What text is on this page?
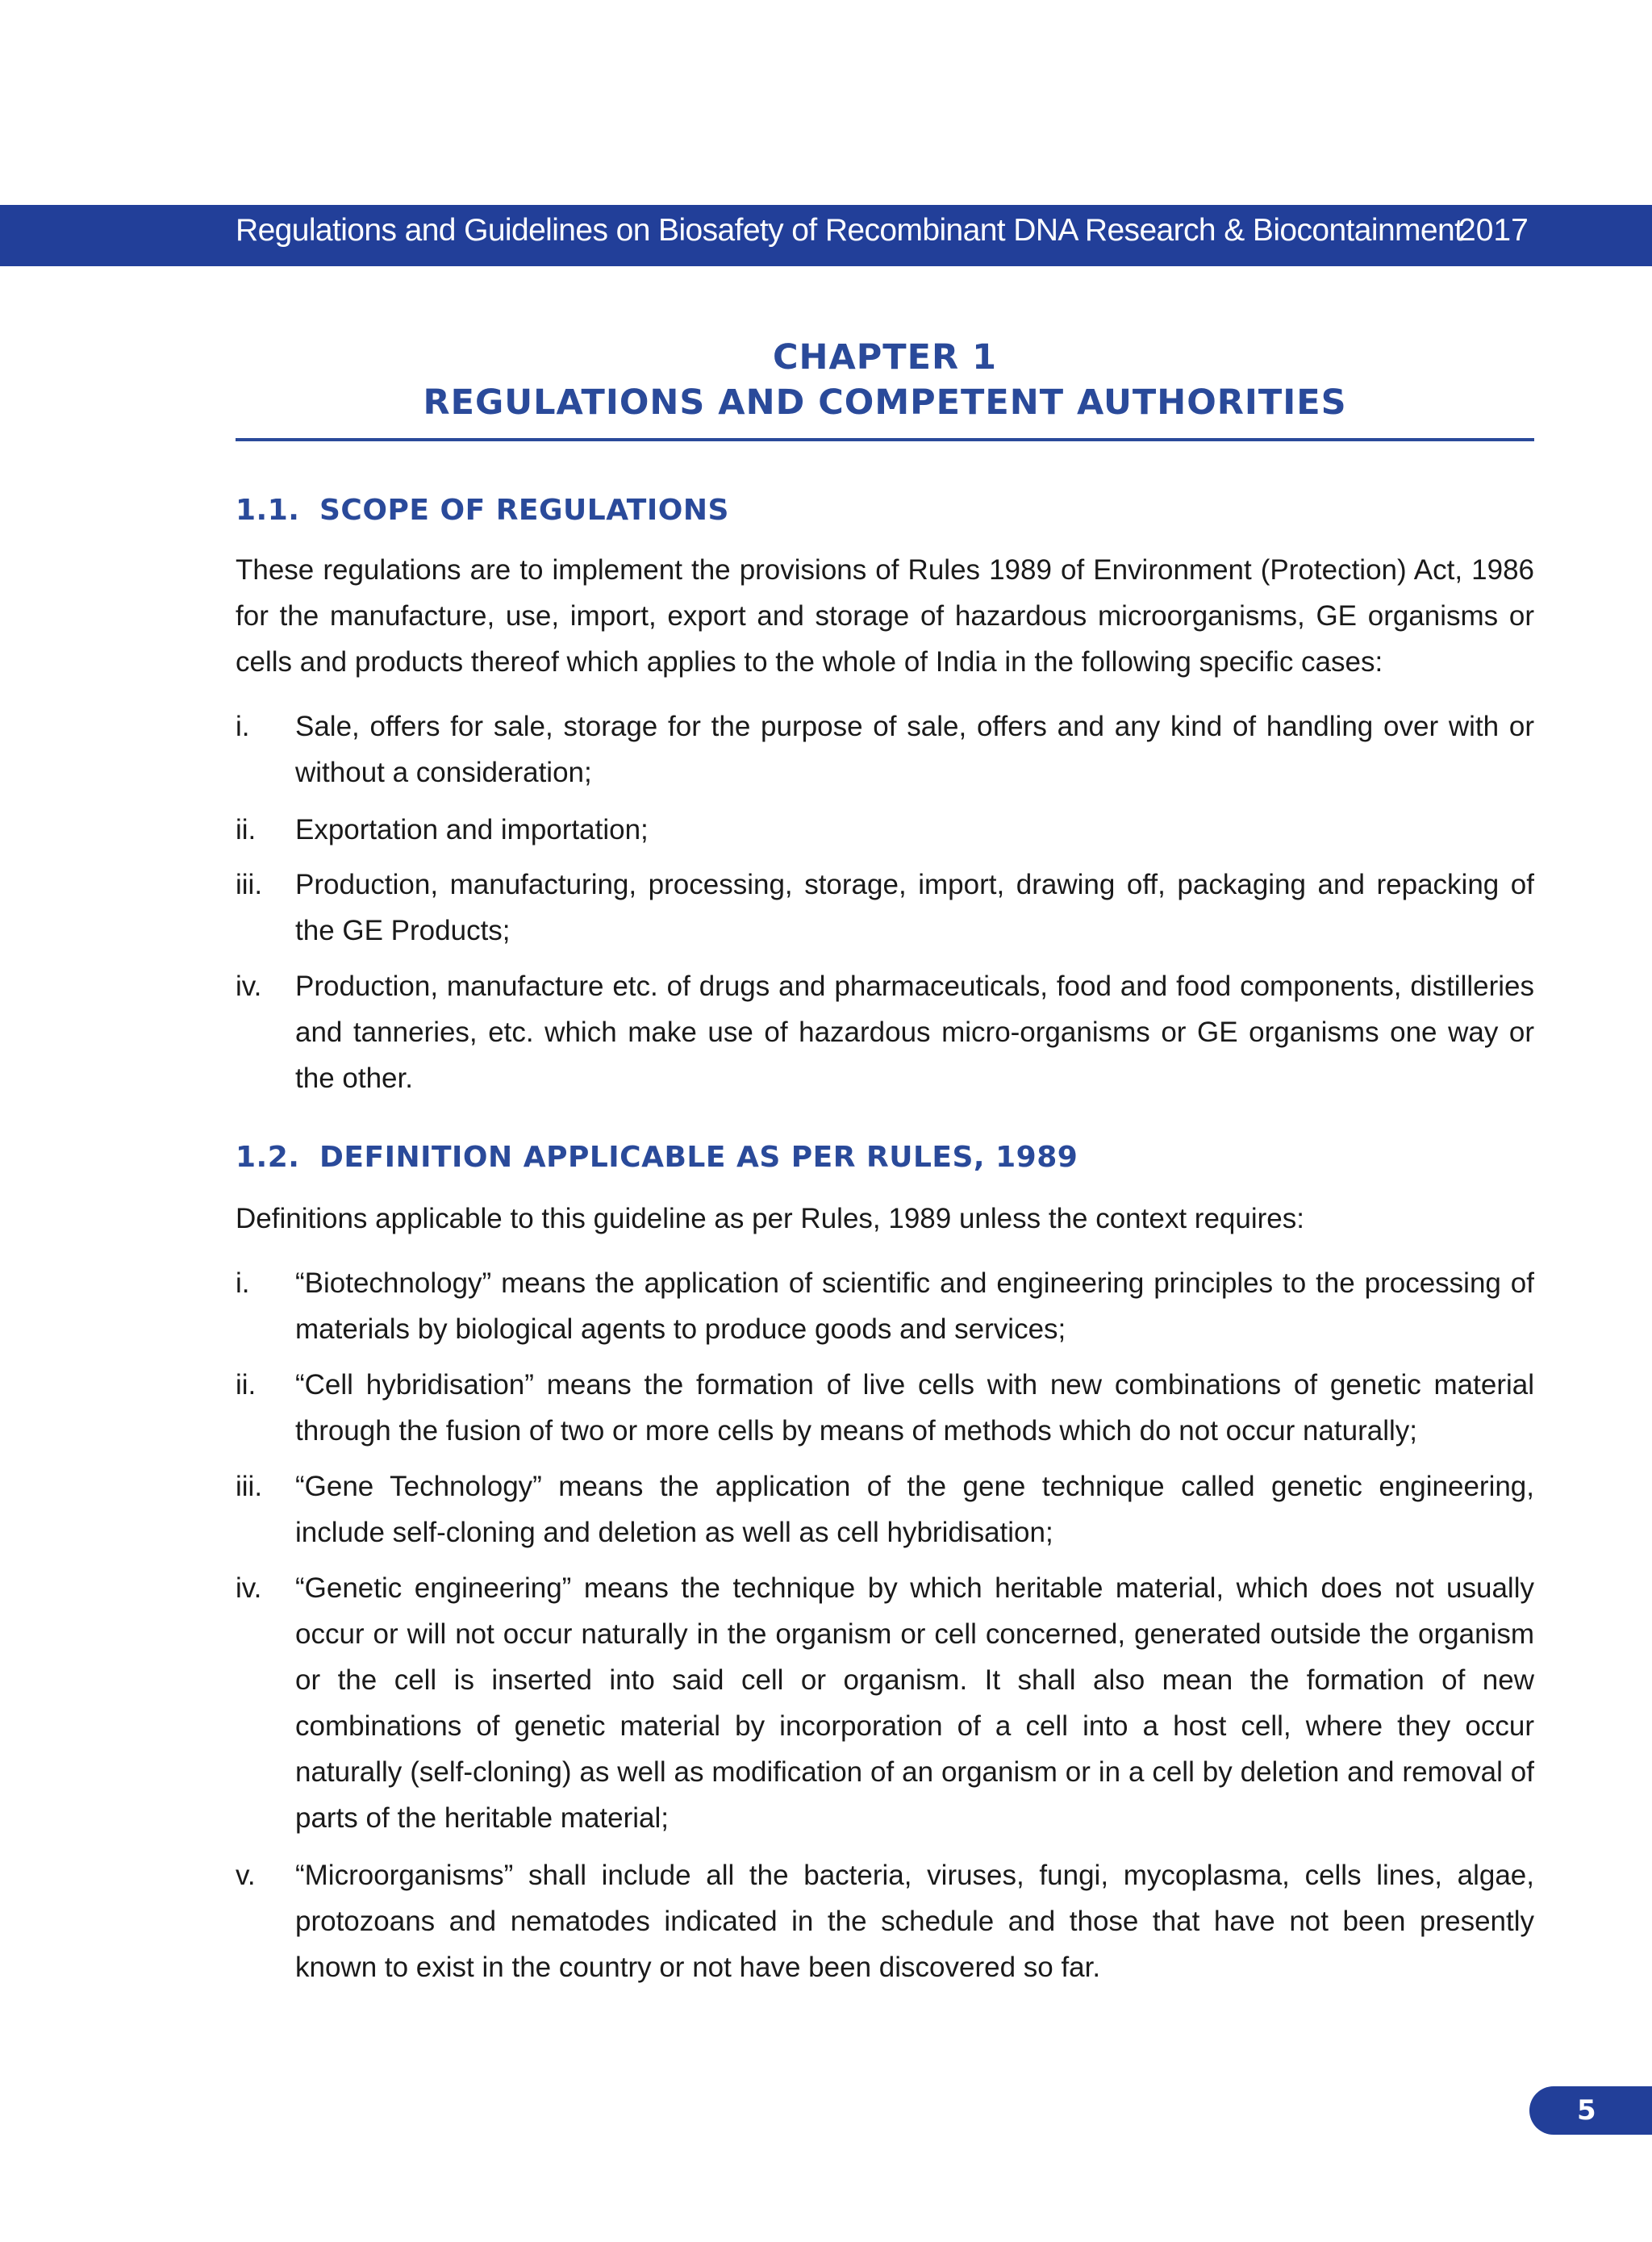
Regulations and Guidelines on Biosafety of Recombinant DNA Research & Biocontainment
2017
CHAPTER 1
REGULATIONS AND COMPETENT AUTHORITIES
1.1. SCOPE OF REGULATIONS
These regulations are to implement the provisions of Rules 1989 of Environment (Protection) Act, 1986 for the manufacture, use, import, export and storage of hazardous microorganisms, GE organisms or cells and products thereof which applies to the whole of India in the following specific cases:
i.	Sale, offers for sale, storage for the purpose of sale, offers and any kind of handling over with or without a consideration;
ii.	Exportation and importation;
iii.	Production, manufacturing, processing, storage, import, drawing off, packaging and repacking of the GE Products;
iv.	Production, manufacture etc. of drugs and pharmaceuticals, food and food components, distilleries and tanneries, etc. which make use of hazardous micro-organisms or GE organisms one way or the other.
1.2. DEFINITION APPLICABLE AS PER RULES, 1989
Definitions applicable to this guideline as per Rules, 1989 unless the context requires:
i.	“Biotechnology” means the application of scientific and engineering principles to the processing of materials by biological agents to produce goods and services;
ii.	“Cell hybridisation” means the formation of live cells with new combinations of genetic material through the fusion of two or more cells by means of methods which do not occur naturally;
iii.	“Gene Technology” means the application of the gene technique called genetic engineering, include self-cloning and deletion as well as cell hybridisation;
iv.	“Genetic engineering” means the technique by which heritable material, which does not usually occur or will not occur naturally in the organism or cell concerned, generated outside the organism or the cell is inserted into said cell or organism. It shall also mean the formation of new combinations of genetic material by incorporation of a cell into a host cell, where they occur naturally (self-cloning) as well as modification of an organism or in a cell by deletion and removal of parts of the heritable material;
v.	“Microorganisms” shall include all the bacteria, viruses, fungi, mycoplasma, cells lines, algae, protozoans and nematodes indicated in the schedule and those that have not been presently known to exist in the country or not have been discovered so far.
5
